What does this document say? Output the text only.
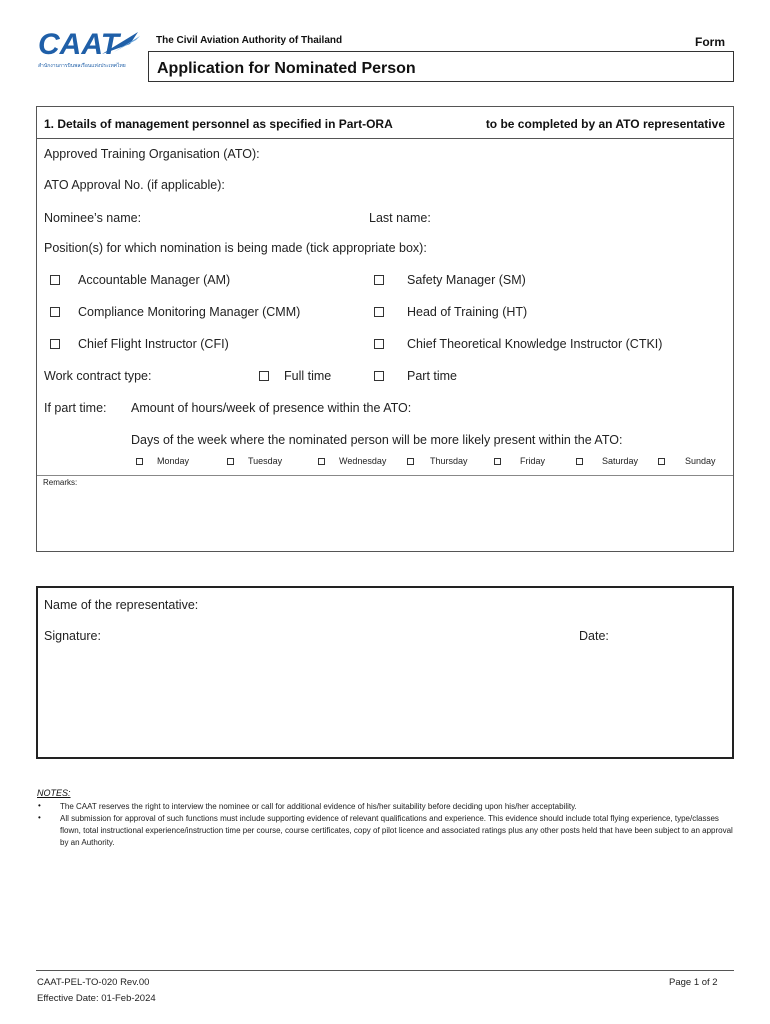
CAAT
สำนักงานการบินพลเรือนแห่งประเทศไทย
The Civil Aviation Authority of Thailand	Form
Application for Nominated Person
1. Details of management personnel as specified in Part-ORA	to be completed by an ATO representative
Approved Training Organisation (ATO):
ATO Approval No. (if applicable):
Nominee’s name:	Last name:
Position(s) for which nomination is being made (tick appropriate box):
Accountable Manager (AM)	Safety Manager (SM)
Compliance Monitoring Manager (CMM)	Head of Training (HT)
Chief Flight Instructor (CFI)	Chief Theoretical Knowledge Instructor (CTKI)
Work contract type:	Full time	Part time
If part time: Amount of hours/week of presence within the ATO:
Days of the week where the nominated person will be more likely present within the ATO:
Monday	Tuesday	Wednesday	Thursday	Friday	Saturday	Sunday
Remarks:
Name of the representative:
Signature:	Date:
NOTES:
• The CAAT reserves the right to interview the nominee or call for additional evidence of his/her suitability before deciding upon his/her acceptability.
• All submission for approval of such functions must include supporting evidence of relevant qualifications and experience. This evidence should include total flying experience, type/classes flown, total instructional experience/instruction time per course, course certificates, copy of pilot licence and associated ratings plus any other posts held that have been subject to an approval by an Authority.
CAAT-PEL-TO-020 Rev.00
Effective Date: 01-Feb-2024
Page 1 of 2
